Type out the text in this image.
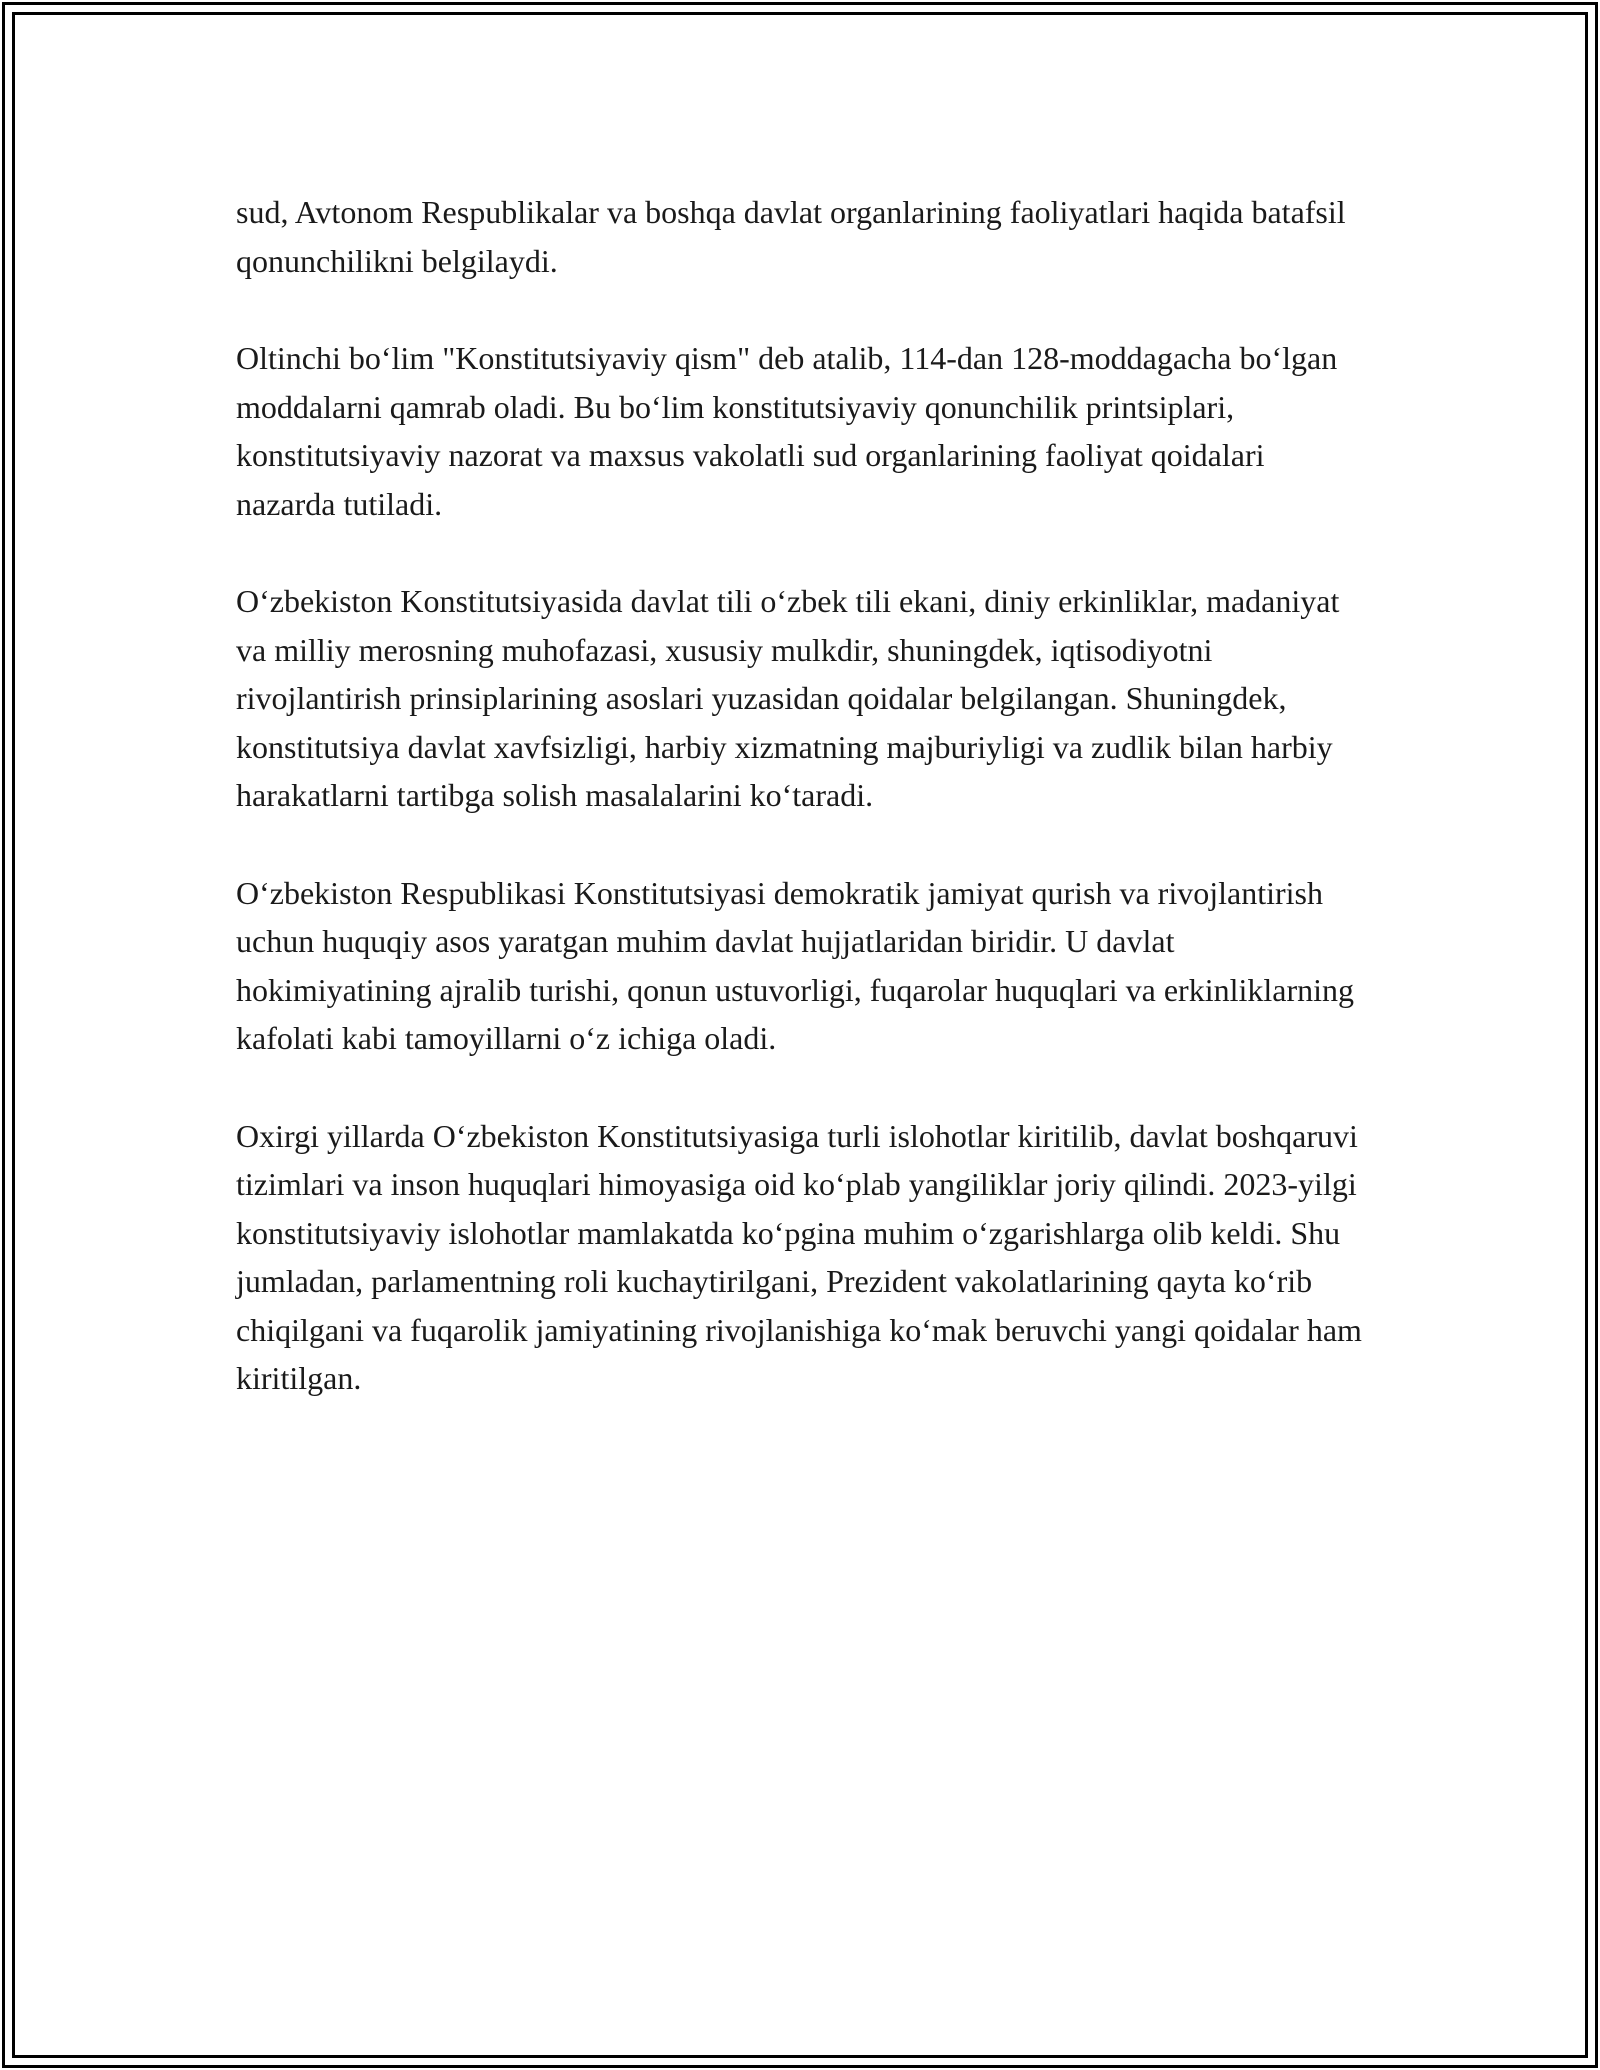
sud, Avtonom Respublikalar va boshqa davlat organlarining faoliyatlari haqida batafsil qonunchilikni belgilaydi.

Oltinchi bo‘lim "Konstitutsiyaviy qism" deb atalib, 114-dan 128-moddagacha bo‘lgan moddalarni qamrab oladi. Bu bo‘lim konstitutsiyaviy qonunchilik printsiplari, konstitutsiyaviy nazorat va maxsus vakolatli sud organlarining faoliyat qoidalari nazarda tutiladi.

O‘zbekiston Konstitutsiyasida davlat tili o‘zbek tili ekani, diniy erkinliklar, madaniyat va milliy merosning muhofazasi, xususiy mulkdir, shuningdek, iqtisodiyotni rivojlantirish prinsiplarining asoslari yuzasidan qoidalar belgilangan. Shuningdek, konstitutsiya davlat xavfsizligi, harbiy xizmatning majburiyligi va zudlik bilan harbiy harakatlarni tartibga solish masalalarini ko‘taradi.

O‘zbekiston Respublikasi Konstitutsiyasi demokratik jamiyat qurish va rivojlantirish uchun huquqiy asos yaratgan muhim davlat hujjatlaridan biridir. U davlat hokimiyatining ajralib turishi, qonun ustuvorligi, fuqarolar huquqlari va erkinliklarning kafolati kabi tamoyillarni o‘z ichiga oladi.

Oxirgi yillarda O‘zbekiston Konstitutsiyasiga turli islohotlar kiritilib, davlat boshqaruvi tizimlari va inson huquqlari himoyasiga oid ko‘plab yangiliklar joriy qilindi. 2023-yilgi konstitutsiyaviy islohotlar mamlakatda ko‘pgina muhim o‘zgarishlarga olib keldi. Shu jumladan, parlamentning roli kuchaytirilgani, Prezident vakolatlarining qayta ko‘rib chiqilgani va fuqarolik jamiyatining rivojlanishiga ko‘mak beruvchi yangi qoidalar ham kiritilgan.
